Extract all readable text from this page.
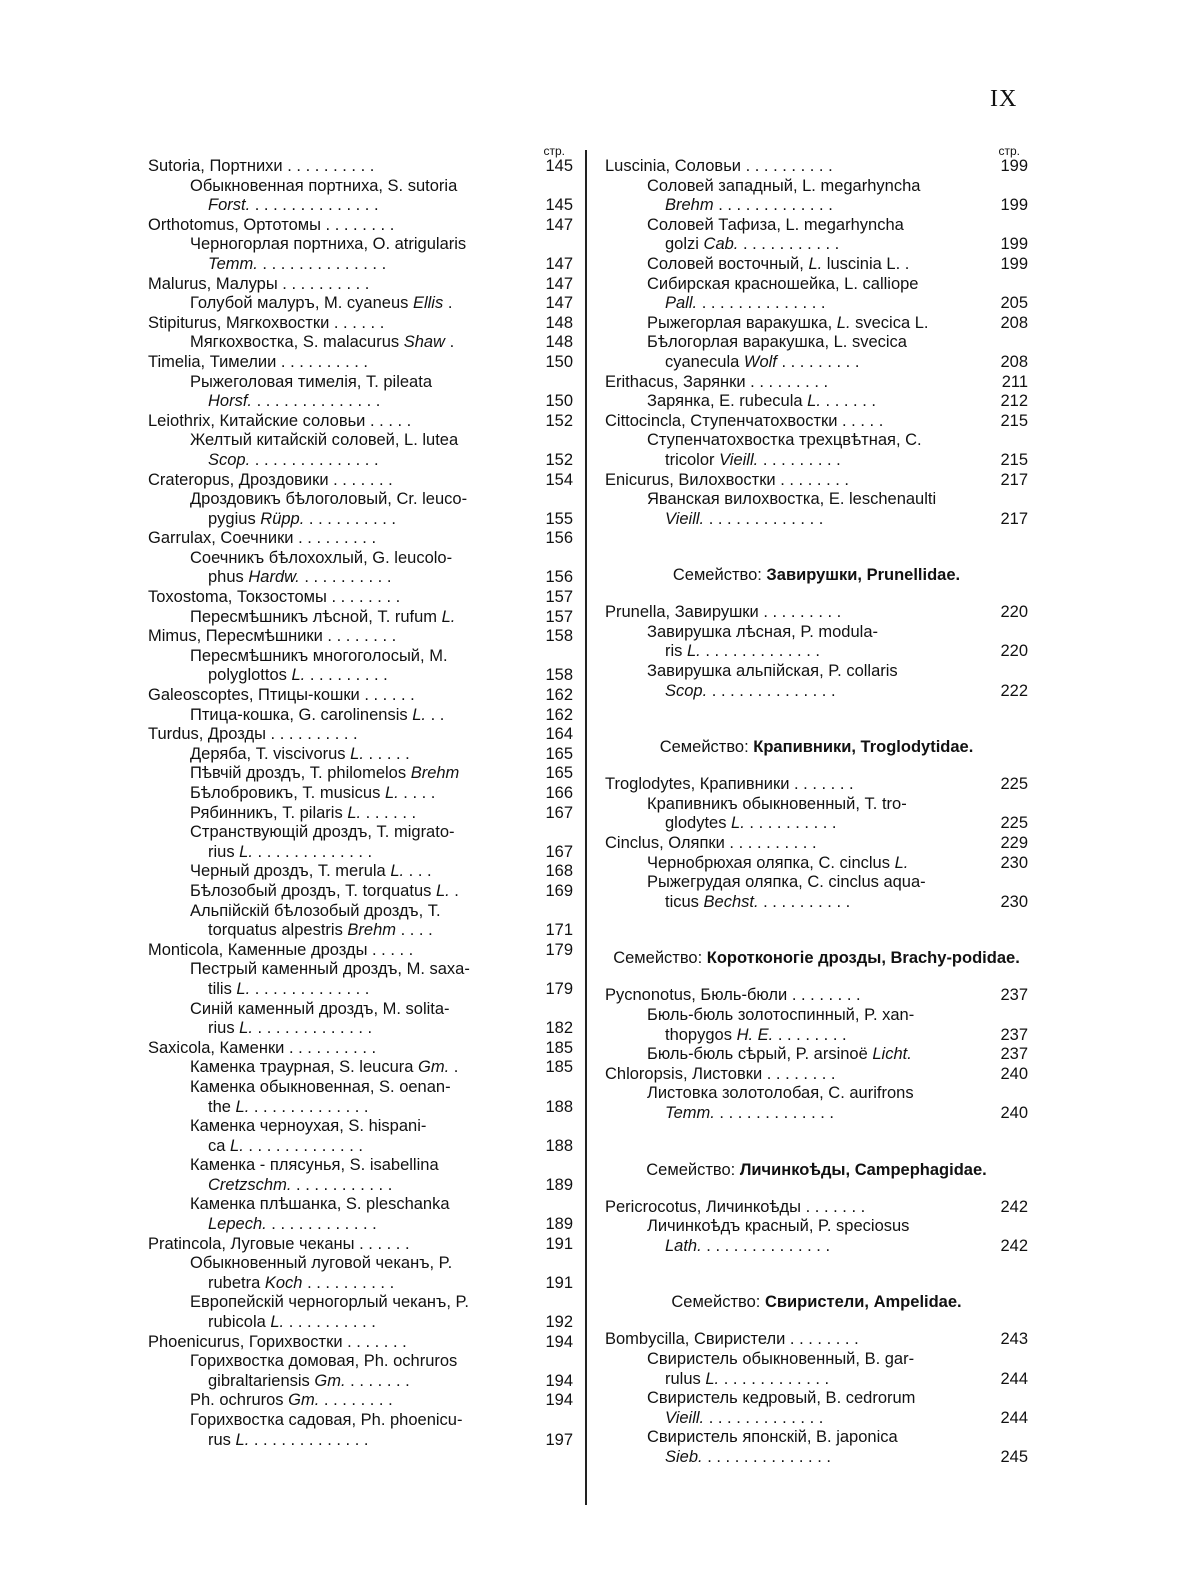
IX
стр.
Sutoria, Портнихи . . . . . . . . . .	145
Обыкновенная портниха, S. sutoria
Forst. . . . . . . . . . . . . . .	145
Orthotomus, Ортотомы . . . . . . . .	147
Черногорлая портниха, O. atrigularis
Temm. . . . . . . . . . . . . . .	147
Malurus, Малуры . . . . . . . . . .	147
Голубой малуръ, M. cyaneus Ellis .	147
Stipiturus, Мягкохвостки . . . . . .	148
Мягкохвостка, S. malacurus Shaw .	148
Timelia, Тимелии . . . . . . . . . .	150
Рыжеголовая тимелія, T. pileata
Horsf. . . . . . . . . . . . . . .	150
Leiothrix, Китайские соловьи . . . . .	152
Желтый китайскій соловей, L. lutea
Scop. . . . . . . . . . . . . . .	152
Crateropus, Дроздовики . . . . . . .	154
Дроздовикъ бѣлоголовый, Cr. leuco-
pygius Rüpp. . . . . . . . . . .	155
Garrulax, Соечники . . . . . . . . .	156
Соечникъ бѣлохохлый, G. leucolo-
phus Hardw. . . . . . . . . . .	156
Toxostoma, Токзостомы . . . . . . . .	157
Пересмѣшникъ лѣсной, T. rufum L.	157
Mimus, Пересмѣшники . . . . . . . .	158
Пересмѣшникъ многоголосый, M.
polyglottos L. . . . . . . . . .	158
Galeoscoptes, Птицы-кошки . . . . . .	162
Птица-кошка, G. carolinensis L. . .	162
Turdus, Дрозды . . . . . . . . . .	164
Деряба, T. viscivorus L. . . . . .	165
Пѣвчій дроздъ, T. philomelos Brehm	165
Бѣлобровикъ, T. musicus L. . . . .	166
Рябинникъ, T. pilaris L. . . . . . .	167
Странствующій дроздъ, T. migrato-
rius L. . . . . . . . . . . . . .	167
Черный дроздъ, T. merula L. . . .	168
Бѣлозобый дроздъ, T. torquatus L. .	169
Альпійскій бѣлозобый дроздъ, T.
torquatus alpestris Brehm . . . .	171
Monticola, Каменные дрозды . . . . .	179
Пестрый каменный дроздъ, M. saxa-
tilis L. . . . . . . . . . . . . .	179
Синій каменный дроздъ, M. solita-
rius L. . . . . . . . . . . . . .	182
Saxicola, Каменки . . . . . . . . . .	185
Каменка траурная, S. leucura Gm. .	185
Каменка обыкновенная, S. oenan-
the L. . . . . . . . . . . . . .	188
Каменка черноухая, S. hispani-
ca L. . . . . . . . . . . . . .	188
Каменка - плясунья, S. isabellina
Cretzschm. . . . . . . . . . . .	189
Каменка плѣшанка, S. pleschanka
Lepech. . . . . . . . . . . . .	189
Pratincola, Луговые чеканы . . . . . .	191
Обыкновенный луговой чеканъ, P.
rubetra Koch . . . . . . . . . .	191
Европейскій черногорлый чеканъ, P.
rubicola L. . . . . . . . . . .	192
Phoenicurus, Горихвостки . . . . . . .	194
Горихвостка домовая, Ph. ochruros
gibraltariensis Gm. . . . . . . .	194
Ph. ochruros Gm. . . . . . . . .	194
Горихвостка садовая, Ph. phoenicu-
rus L. . . . . . . . . . . . . .	197
стр.
Luscinia, Соловьи . . . . . . . . . .	199
Соловей западный, L. megarhyncha
Brehm . . . . . . . . . . . . .	199
Соловей Тафиза, L. megarhyncha
golzi Cab. . . . . . . . . . . .	199
Соловей восточный, L. luscinia L. .	199
Сибирская красношейка, L. calliope
Pall. . . . . . . . . . . . . . .	205
Рыжегорлая варакушка, L. svecica L.	208
Бѣлогорлая варакушка, L. svecica
cyanecula Wolf . . . . . . . . .	208
Erithacus, Зарянки . . . . . . . . .	211
Зарянка, E. rubecula L. . . . . . .	212
Cittocincla, Ступенчатохвостки . . . . .	215
Ступенчатохвостка трехцвѣтная, C.
tricolor Vieill. . . . . . . . . .	215
Enicurus, Вилохвостки . . . . . . . .	217
Яванская вилохвостка, E. leschenaulti
Vieill. . . . . . . . . . . . . .	217
Семейство: Завирушки, Prunellidae.
Prunella, Завирушки . . . . . . . . .	220
Завирушка лѣсная, P. modula-
ris L. . . . . . . . . . . . . .	220
Завирушка альпійская, P. collaris
Scop. . . . . . . . . . . . . . .	222
Семейство: Крапивники, Troglodytidae.
Troglodytes, Крапивники . . . . . . .	225
Крапивникъ обыкновенный, T. tro-
glodytes L. . . . . . . . . . .	225
Cinclus, Оляпки . . . . . . . . . .	229
Чернобрюхая оляпка, C. cinclus L.	230
Рыжегрудая оляпка, C. cinclus aqua-
ticus Bechst. . . . . . . . . . .	230
Семейство: Коротконогіе дрозды, Brachy-podidae.
Pycnonotus, Бюль-бюли . . . . . . . .	237
Бюль-бюль золотоспинный, P. xan-
thopygos H. E. . . . . . . . .	237
Бюль-бюль сѣрый, P. arsinoë Licht.	237
Chloropsis, Листовки . . . . . . . .	240
Листовка золотолобая, C. aurifrons
Temm. . . . . . . . . . . . . .	240
Семейство: Личинкоѣды, Campephagidae.
Pericrocotus, Личинкоѣды . . . . . . .	242
Личинкоѣдъ красный, P. speciosus
Lath. . . . . . . . . . . . . . .	242
Семейство: Свиристели, Ampelidae.
Bombycilla, Свиристели . . . . . . . .	243
Свиристель обыкновенный, B. gar-
rulus L. . . . . . . . . . . . .	244
Свиристель кедровый, B. cedrorum
Vieill. . . . . . . . . . . . . .	244
Свиристель японскій, B. japonica
Sieb. . . . . . . . . . . . . . .	245
